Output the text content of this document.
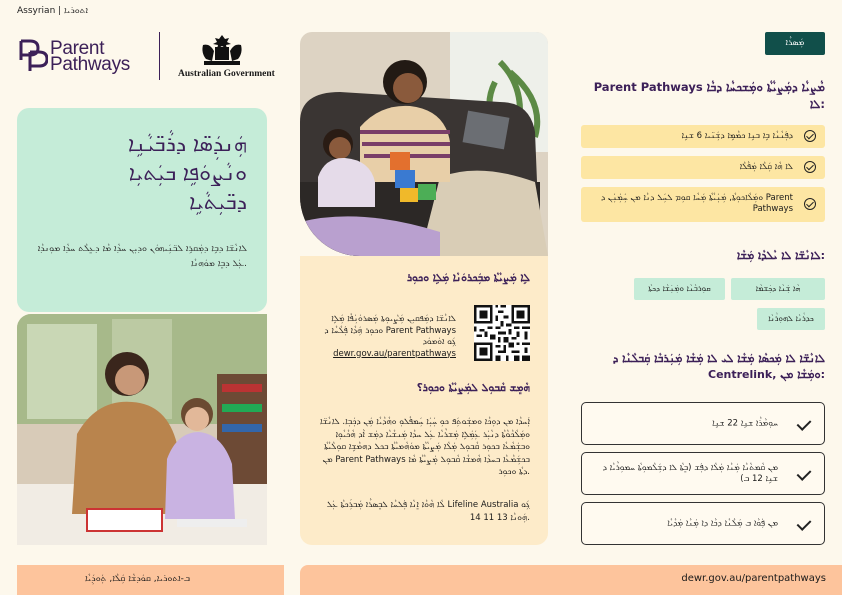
Assyrian | ܐܬܘܪܝܐ
Parent
Pathways	Australian Government
ܗܲܢܕܲܣ̈ܐ ܕܪܵܒ̈ܝܵܢܹܐ
ܘܢܵܨܘܿܦܹܐ ܒܝܲܬܝܼܐ
ܕܒ̈ܝܼܬܵܝܹܐ
ܠܐܢܵܫ̈ܐ ܕܒܹܐ ܕܡܲܩܪܹܐ ܠܒ̈ܢܲܝܗܘܿܢ ܘܕܝܼܢ ܚܕܵܐ ܡܵܐ ܕܥܸܠܵܬ ܚܕܵܐ ܡܘܼܢܕܵܐ ܥܲܠ ܕܒܸܐ ܡܘܿܗܢܵܐ.
ܠܹܐ ܡܲܨܝܵܬܵܐ ܡܒܲܟܪܘܿܢܵܐ ܡܲܠܹܐ ܘܟܘܼܪ
ܠܐܢܵܫ̈ܐ ܕܡܲܦܩܝܼܢ ܡܲܨܵܝܘܼܬܐ ܡܲܣܪܘܿܢܲܦܵܐ ܡܲܠܹܐ ܘܟܘܼܪ ܗܲܕܵܐ ܦܲܠܵܚܵܐ ܕ Parent Pathways ܓܲܘ ܐܘܿܡܘܿܕ
dewr.gov.au/parentpathways
ܗܵܡܸܫ ܩܵܒܘܼܠ ܠܡܲܨܝܵܬܵܐ ܘܟܘܼܪ؟
ܐܲܚܕܵܐ ܡܢ ܕܘܼܟܵܐ ܘܡܫܲܘܬܲܦ ܟܘܼ ܚܲܝܲܐ ܚܲܡܦܵܠܘܼ ܘܗܵܕܵܝܵܐ ܡܲܢ ܕܟܲܒܼܐ. ܠܐܢܵܫ̈ܐ ܘܡܲܠܵܟܵܘܵܬܵܐ ܕܢܵܝܲܪ ܥܲܡܲܠܹܐ ܡܲܫܪܵܝܵܐ ܥܲܠ ܚܕܵܐ ܡܲܢܫܵܝܵܐ ܕܡܲܫ ܐܵܕ ܗܵܟܵܝܵܘܼܐ ܘܒܫܲܡܵܥܵܐ ܒܟܘܼܪ ܩܵܒܘܼܠ ܡܲܠܵܐ ܡܲܨܝܵܬܵܐ ܡܘܿܗܵܡܝܵܬܵܐ ܒܟܠ ܕܗܡܵܫܹܐ ܩܘܼܠܵܝܵܬܵܐ ܡܢ Parent Pathways ܒܟܫܲܡܵܥܵܐ ܒܚܕܵܐ ܗܵܡܫܵܐ ܩܵܒܘܼܠ ܡܲܨܝܵܬܵܐ ܡܵܐ ܕܬܵܐ ܘܟܘܼܪ.
ܠܵܐ ܗܵܘܵܐ ܐܸܢܵܐ ܦܲܠܚܵܐ ܠܒܸܣܪܵܐ ܡܲܒܪܲܟܬܵܐ ܥܲܠ Lifeline Australia ܓܲܘ ܗܲܘܢܵܐ 13 11 14.
ܡܲܣܪܵܐ
Parent Pathways ܡܵܨܝܵܐ ܕܡܲܨܝܵܬܵܐ ܘܡܲܫܟܚܵܐ ܕܒܵܐ ܠܐ:
ܕܦܲܢܵܢܵܐ ܒܹܐ ܒܢܹܐ ܟܡܵܡܹܐ ܕܫܲܢ̈ܝܐ 6 ܫܢܹܐ
ܠܐ ܗܵܐ ܩܲܠܵܐ ܡܲܦܵܠܵܐ
ܘܡܲܠܵܐܟܘܼܬܵܐ, ܡܲܢܲܝܵܬܵܐ ܡܲܚܵܐ ܩܘܼܡ ܠܚܲܠ ܕܢܵܐ ܡܢ ܚܲܡܲܢܲܢ ܕ Parent Pathways
ܠܐܢܵܫ̈ܐ ܠܐ ܝܵܠܕܵܐ ܡܲܫܵܐ:
ܗܵܐ ܫܲܢܵܐ ܕܟܲܫܡܵܐ
ܩܘܼܪܒܵܢܵܐ ܘܡܲܢܲܫܵܐ ܕܟܬܵܐ
ܟܕܪܵܢܵܐ ܠܗܘܼܪܵܢܵܐ
ܠܐܢܵܫ̈ܐ ܠܐ ܡܲܟܣܵܐ ܡܲܫܵܐ ܠܝ ܠܐ ܡܲܫܵܐ ܡܲܢܲܪܒܵܐ ܩܲܒܠܵܢܵܐ ܕ Centrelink, ܘܡܲܫܵܐ ܡܢ:
ܚܘܼܡܵܪܵܐ ܫܢܹܐ 22 ܫܢܹܐ
ܡܢ ܩܵܡܬܵܢܵܐ ܡܲܢܵܐ ܡܲܠܵܐ ܕܦܲܫ (ܒܸܬܵܐ ܠܐ ܕܫܲܠܵܡܘܼܬܵܐ ܚܡܘܼܪܵܝܵܐ ܕ ܫܢܹܐ 12 ܒ)
ܡܢ ܦܲܘܵܐ ܒ ܡܲܠܵܢܵܐ ܕܟܵܐ ܕܐ ܡܲܢܵܐ ܡܲܕܵܝܵܐ
ܒ-ܐܬܘܪܝܐ, ܩܘܿܕܫܵܐ ܩܲܠܵܐ, ܬܲܘܕܲܝܵܐ	dewr.gov.au/parentpathways
